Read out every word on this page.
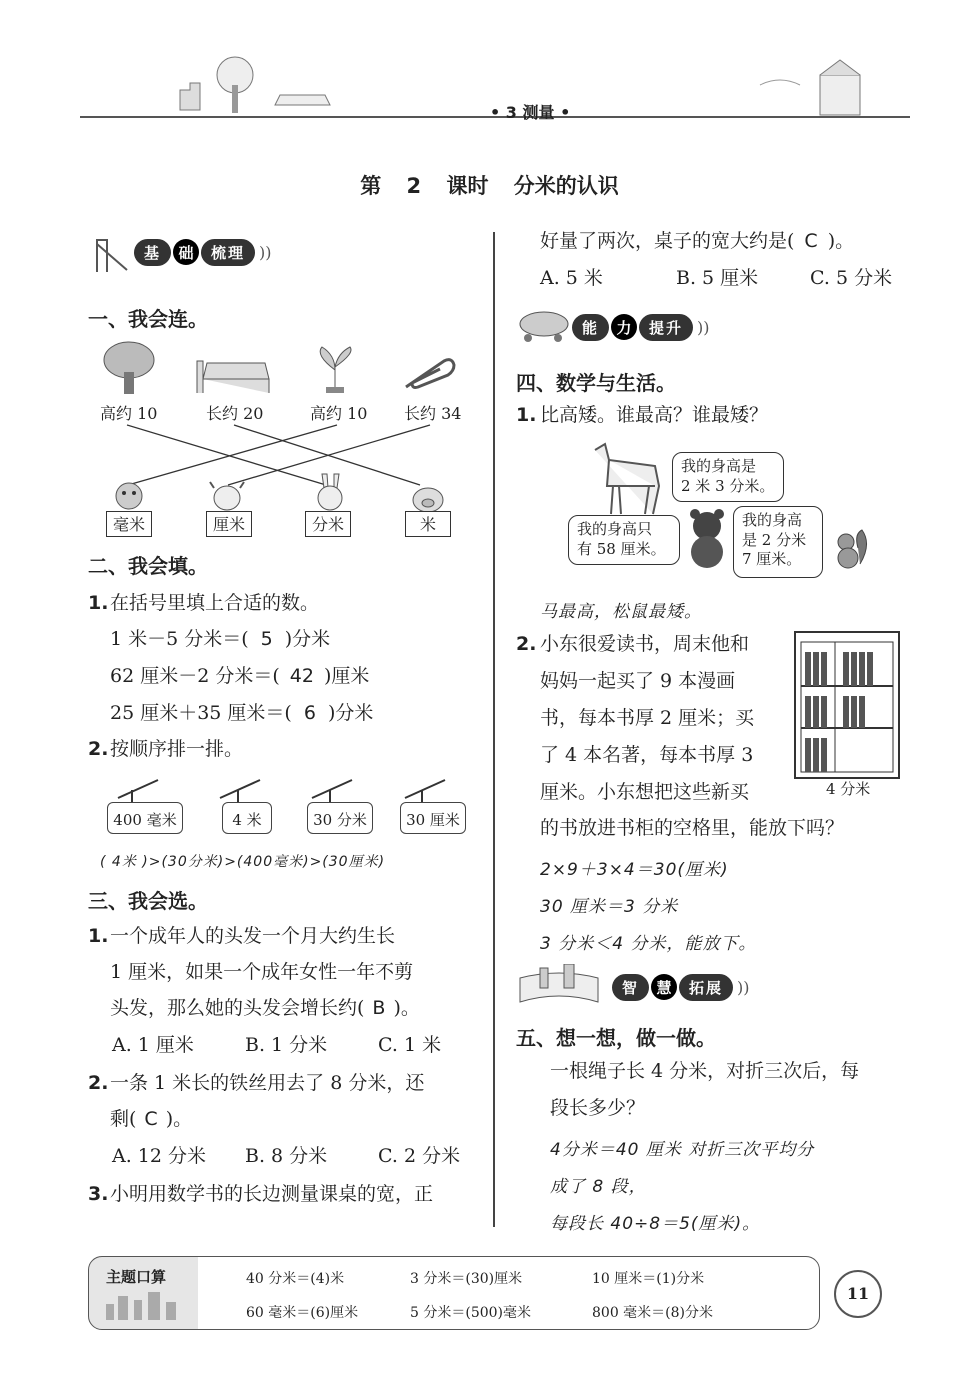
• 3 测量 •
第 2 课时 分米的认识
基	础	梳理 ))
一、我会连。
高约 10	长约 20	高约 10 长约 34
毫米	厘米	分米	米
二、我会填。
1. 在括号里填上合适的数。
1 米－5 分米＝( 5 )分米
62 厘米－2 分米＝( 42 )厘米
25 厘米＋35 厘米＝( 6 )分米
2. 按顺序排一排。
400 毫米	4 米	30 分米	30 厘米
( 4米 )>(30分米)>(400毫米)>(30厘米)
三、我会选。
1. 一个成年人的头发一个月大约生长
1 厘米，如果一个成年女性一年不剪
头发，那么她的头发会增长约( B )。
A. 1 厘米	B. 1 分米	C. 1 米
2. 一条 1 米长的铁丝用去了 8 分米，还
剩( C )。
A. 12 分米 B. 8 分米	C. 2 分米
3. 小明用数学书的长边测量课桌的宽，正
好量了两次，桌子的宽大约是( C )。
A. 5 米	B. 5 厘米	C. 5 分米
能	力	提升 ))
四、数学与生活。
1. 比高矮。谁最高？谁最矮？
我的身高是
2 米 3 分米。
我的身高只
有 58 厘米。
我的身高
是 2 分米
7 厘米。
马最高，松鼠最矮。
2. 小东很爱读书，周末他和
妈妈一起买了 9 本漫画
书，每本书厚 2 厘米；买
了 4 本名著，每本书厚 3
厘米。小东想把这些新买
的书放进书柜的空格里，能放下吗？
4 分米
2×9＋3×4＝30(厘米)
30 厘米＝3 分米
3 分米＜4 分米，能放下。
智	慧	拓展 ))
五、想一想，做一做。
一根绳子长 4 分米，对折三次后，每
段长多少？
4分米＝40 厘米 对折三次平均分
成了 8 段，
每段长 40÷8＝5(厘米)。
主题口算	40 分米＝(4)米	3 分米＝(30)厘米	10 厘米＝(1)分米
60 毫米＝(6)厘米	5 分米＝(500)毫米	800 毫米＝(8)分米
11
